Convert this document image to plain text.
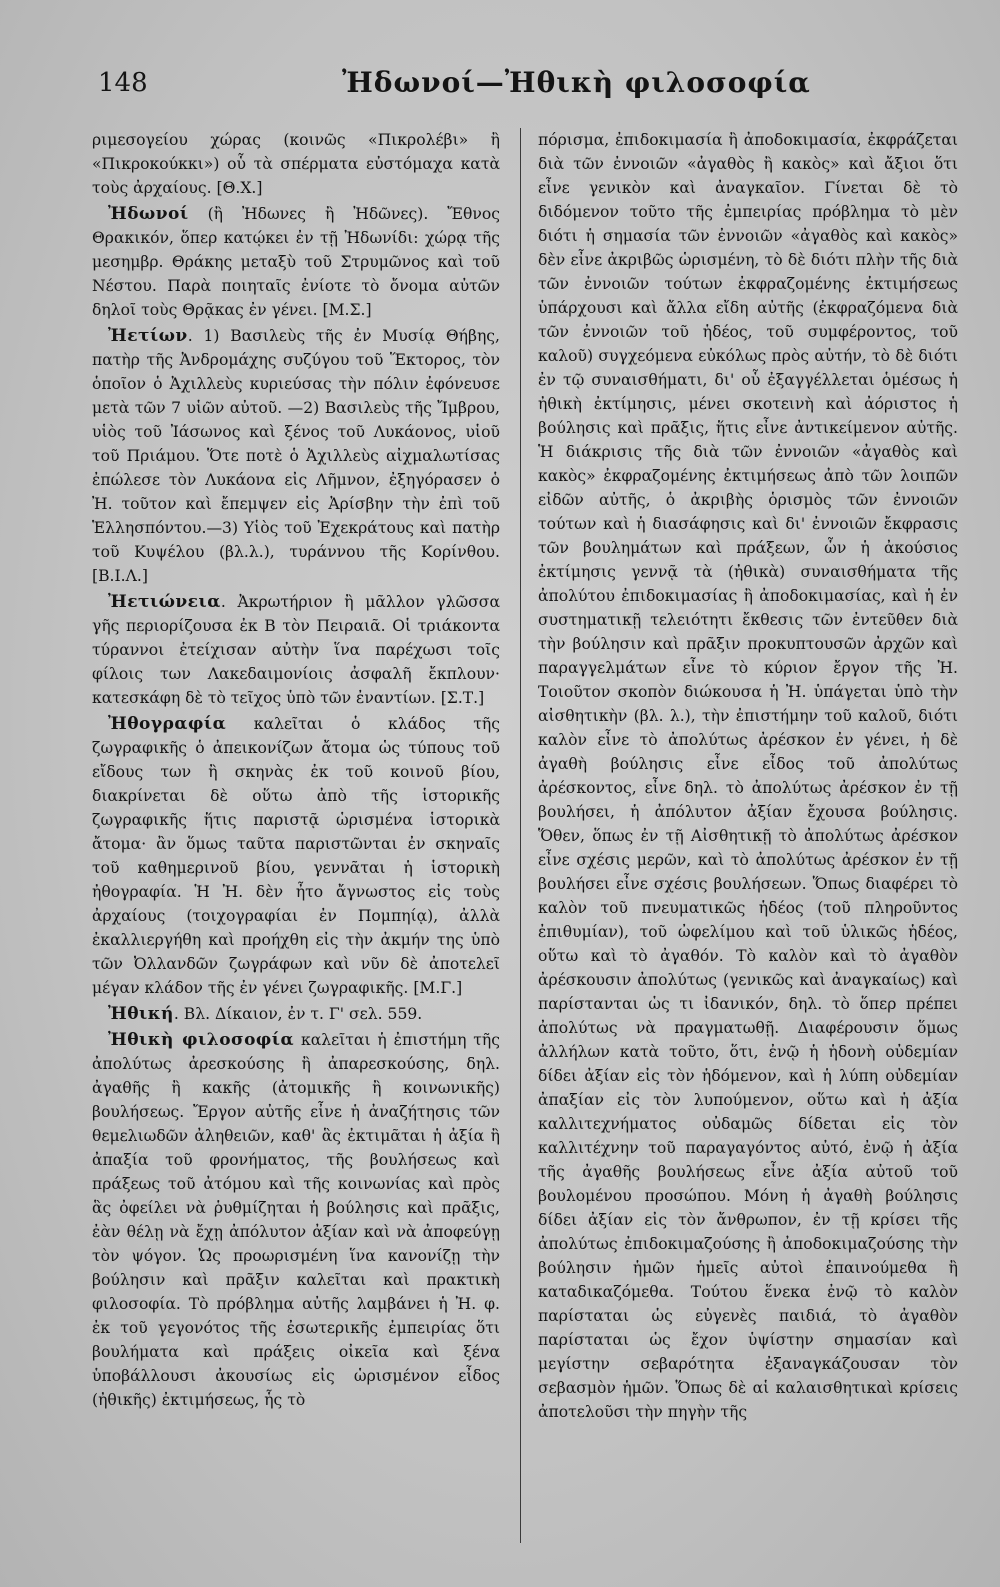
148	Ἠδωνοί—Ἠθικὴ φιλοσοφία

ριμεσογείου χώρας (κοινῶς «Πικρολέβι» ἢ «Πικροκούκκι») οὗ τὰ σπέρματα εὐστόμαχα κατὰ τοὺς ἀρχαίους. [Θ.Χ.]

Ἠδωνοί (ἢ Ἠδωνες ἢ Ἠδῶνες). Ἔθνος Θρακικόν, ὅπερ κατῴκει ἐν τῇ Ἠδωνίδι: χώρᾳ τῆς μεσημβρ. Θράκης μεταξὺ τοῦ Στρυμῶνος καὶ τοῦ Νέστου. Παρὰ ποιηταῖς ἐνίοτε τὸ ὄνομα αὐτῶν δηλοῖ τοὺς Θρᾷκας ἐν γένει. [Μ.Σ.]

Ἠετίων. 1) Βασιλεὺς τῆς ἐν Μυσίᾳ Θήβης, πατὴρ τῆς Ἀνδρομάχης συζύγου τοῦ Ἕκτορος, τὸν ὁποῖον ὁ Ἀχιλλεὺς κυριεύσας τὴν πόλιν ἐφόνευσε μετὰ τῶν 7 υἱῶν αὐτοῦ. —2) Βασιλεὺς τῆς Ἴμβρου, υἱὸς τοῦ Ἰάσωνος καὶ ξένος τοῦ Λυκάονος, υἱοῦ τοῦ Πριάμου. Ὅτε ποτὲ ὁ Ἀχιλλεὺς αἰχμαλωτίσας ἐπώλεσε τὸν Λυκάονα εἰς Λῆμνον, ἐξηγόρασεν ὁ Ἠ. τοῦτον καὶ ἔπεμψεν εἰς Ἀρίσβην τὴν ἐπὶ τοῦ Ἑλλησπόντου.—3) Υἱὸς τοῦ Ἐχεκράτους καὶ πατὴρ τοῦ Κυψέλου (βλ.λ.), τυράννου τῆς Κορίνθου. [Β.Ι.Λ.]

Ἠετιώνεια. Ἀκρωτήριον ἢ μᾶλλον γλῶσσα γῆς περιορίζουσα ἐκ Β τὸν Πειραιᾶ. Οἱ τριάκοντα τύραννοι ἐτείχισαν αὐτὴν ἵνα παρέχωσι τοῖς φίλοις των Λακεδαιμονίοις ἀσφαλῆ ἔκπλουν· κατεσκάφη δὲ τὸ τεῖχος ὑπὸ τῶν ἐναντίων. [Σ.Τ.]

Ἠθογραφία καλεῖται ὁ κλάδος τῆς ζωγραφικῆς ὁ ἀπεικονίζων ἄτομα ὡς τύπους τοῦ εἴδους των ἢ σκηνὰς ἐκ τοῦ κοινοῦ βίου, διακρίνεται δὲ οὕτω ἀπὸ τῆς ἱστορικῆς ζωγραφικῆς ἥτις παριστᾷ ὡρισμένα ἱστορικὰ ἄτομα· ἂν ὅμως ταῦτα παριστῶνται ἐν σκηναῖς τοῦ καθημερινοῦ βίου, γεννᾶται ἡ ἱστορικὴ ἠθογραφία. Ἡ Ἠ. δὲν ἦτο ἄγνωστος εἰς τοὺς ἀρχαίους (τοιχογραφίαι ἐν Πομπηίᾳ), ἀλλὰ ἐκαλλιεργήθη καὶ προήχθη εἰς τὴν ἀκμήν της ὑπὸ τῶν Ὀλλανδῶν ζωγράφων καὶ νῦν δὲ ἀποτελεῖ μέγαν κλάδον τῆς ἐν γένει ζωγραφικῆς. [Μ.Γ.]

Ἠθική. Βλ. Δίκαιον, ἐν τ. Γ' σελ. 559.

Ἠθικὴ φιλοσοφία καλεῖται ἡ ἐπιστήμη τῆς ἀπολύτως ἀρεσκούσης ἢ ἀπαρεσκούσης, δηλ. ἀγαθῆς ἢ κακῆς (ἀτομικῆς ἢ κοινωνικῆς) βουλήσεως. Ἔργον αὐτῆς εἶνε ἡ ἀναζήτησις τῶν θεμελιωδῶν ἀληθειῶν, καθ' ἃς ἐκτιμᾶται ἡ ἀξία ἢ ἀπαξία τοῦ φρονήματος, τῆς βουλήσεως καὶ πράξεως τοῦ ἀτόμου καὶ τῆς κοινωνίας καὶ πρὸς ἃς ὀφείλει νὰ ῥυθμίζηται ἡ βούλησις καὶ πρᾶξις, ἐὰν θέλῃ νὰ ἔχῃ ἀπόλυτον ἀξίαν καὶ νὰ ἀποφεύγῃ τὸν ψόγον. Ὡς προωρισμένη ἵνα κανονίζῃ τὴν βούλησιν καὶ πρᾶξιν καλεῖται καὶ πρακτικὴ φιλοσοφία. Τὸ πρόβλημα αὐτῆς λαμβάνει ἡ Ἠ. φ. ἐκ τοῦ γεγονότος τῆς ἐσωτερικῆς ἐμπειρίας ὅτι βουλήματα καὶ πράξεις οἰκεῖα καὶ ξένα ὑποβάλλουσι ἀκουσίως εἰς ὡρισμένον εἶδος (ἠθικῆς) ἐκτιμήσεως, ἧς τὸ

πόρισμα, ἐπιδοκιμασία ἢ ἀποδοκιμασία, ἐκφράζεται διὰ τῶν ἐννοιῶν «ἀγαθὸς ἢ κακὸς» καὶ ἄξιοι ὅτι εἶνε γενικὸν καὶ ἀναγκαῖον. Γίνεται δὲ τὸ διδόμενον τοῦτο τῆς ἐμπειρίας πρόβλημα τὸ μὲν διότι ἡ σημασία τῶν ἐννοιῶν «ἀγαθὸς καὶ κακὸς» δὲν εἶνε ἀκριβῶς ὡρισμένη, τὸ δὲ διότι πλὴν τῆς διὰ τῶν ἐννοιῶν τούτων ἐκφραζομένης ἐκτιμήσεως ὑπάρχουσι καὶ ἄλλα εἴδη αὐτῆς (ἐκφραζόμενα διὰ τῶν ἐννοιῶν τοῦ ἡδέος, τοῦ συμφέροντος, τοῦ καλοῦ) συγχεόμενα εὐκόλως πρὸς αὐτήν, τὸ δὲ διότι ἐν τῷ συναισθήματι, δι' οὗ ἐξαγγέλλεται ὁμέσως ἡ ἠθικὴ ἐκτίμησις, μένει σκοτεινὴ καὶ ἀόριστος ἡ βούλησις καὶ πρᾶξις, ἥτις εἶνε ἀντικείμενον αὐτῆς. Ἡ διάκρισις τῆς διὰ τῶν ἐννοιῶν «ἀγαθὸς καὶ κακὸς» ἐκφραζομένης ἐκτιμήσεως ἀπὸ τῶν λοιπῶν εἰδῶν αὐτῆς, ὁ ἀκριβὴς ὁρισμὸς τῶν ἐννοιῶν τούτων καὶ ἡ διασάφησις καὶ δι' ἐννοιῶν ἔκφρασις τῶν βουλημάτων καὶ πράξεων, ὧν ἡ ἀκούσιος ἐκτίμησις γεννᾷ τὰ (ἠθικὰ) συναισθήματα τῆς ἀπολύτου ἐπιδοκιμασίας ἢ ἀποδοκιμασίας, καὶ ἡ ἐν συστηματικῇ τελειότητι ἔκθεσις τῶν ἐντεῦθεν διὰ τὴν βούλησιν καὶ πρᾶξιν προκυπτουσῶν ἀρχῶν καὶ παραγγελμάτων εἶνε τὸ κύριον ἔργον τῆς Ἠ. Τοιοῦτον σκοπὸν διώκουσα ἡ Ἠ. ὑπάγεται ὑπὸ τὴν αἰσθητικὴν (βλ. λ.), τὴν ἐπιστήμην τοῦ καλοῦ, διότι καλὸν εἶνε τὸ ἀπολύτως ἀρέσκον ἐν γένει, ἡ δὲ ἀγαθὴ βούλησις εἶνε εἶδος τοῦ ἀπολύτως ἀρέσκοντος, εἶνε δηλ. τὸ ἀπολύτως ἀρέσκον ἐν τῇ βουλήσει, ἡ ἀπόλυτον ἀξίαν ἔχουσα βούλησις. Ὅθεν, ὅπως ἐν τῇ Αἰσθητικῇ τὸ ἀπολύτως ἀρέσκον εἶνε σχέσις μερῶν, καὶ τὸ ἀπολύτως ἀρέσκον ἐν τῇ βουλήσει εἶνε σχέσις βουλήσεων. Ὅπως διαφέρει τὸ καλὸν τοῦ πνευματικῶς ἡδέος (τοῦ πληροῦντος ἐπιθυμίαν), τοῦ ὠφελίμου καὶ τοῦ ὑλικῶς ἡδέος, οὕτω καὶ τὸ ἀγαθόν. Τὸ καλὸν καὶ τὸ ἀγαθὸν ἀρέσκουσιν ἀπολύτως (γενικῶς καὶ ἀναγκαίως) καὶ παρίστανται ὡς τι ἰδανικόν, δηλ. τὸ ὅπερ πρέπει ἀπολύτως νὰ πραγματωθῇ. Διαφέρουσιν ὅμως ἀλλήλων κατὰ τοῦτο, ὅτι, ἐνῷ ἡ ἡδονὴ οὐδεμίαν δίδει ἀξίαν εἰς τὸν ἡδόμενον, καὶ ἡ λύπη οὐδεμίαν ἀπαξίαν εἰς τὸν λυπούμενον, οὕτω καὶ ἡ ἀξία καλλιτεχνήματος οὐδαμῶς δίδεται εἰς τὸν καλλιτέχνην τοῦ παραγαγόντος αὐτό, ἐνῷ ἡ ἀξία τῆς ἀγαθῆς βουλήσεως εἶνε ἀξία αὐτοῦ τοῦ βουλομένου προσώπου. Μόνη ἡ ἀγαθὴ βούλησις δίδει ἀξίαν εἰς τὸν ἄνθρωπον, ἐν τῇ κρίσει τῆς ἀπολύτως ἐπιδοκιμαζούσης ἢ ἀποδοκιμαζούσης τὴν βούλησιν ἡμῶν ἡμεῖς αὐτοὶ ἐπαινούμεθα ἢ καταδικαζόμεθα. Τούτου ἕνεκα ἐνῷ τὸ καλὸν παρίσταται ὡς εὐγενὲς παιδιά, τὸ ἀγαθὸν παρίσταται ὡς ἔχον ὑψίστην σημασίαν καὶ μεγίστην σεβαρότητα ἐξαναγκάζουσαν τὸν σεβασμὸν ἡμῶν. Ὅπως δὲ αἱ καλαισθητικαὶ κρίσεις ἀποτελοῦσι τὴν πηγὴν τῆς
